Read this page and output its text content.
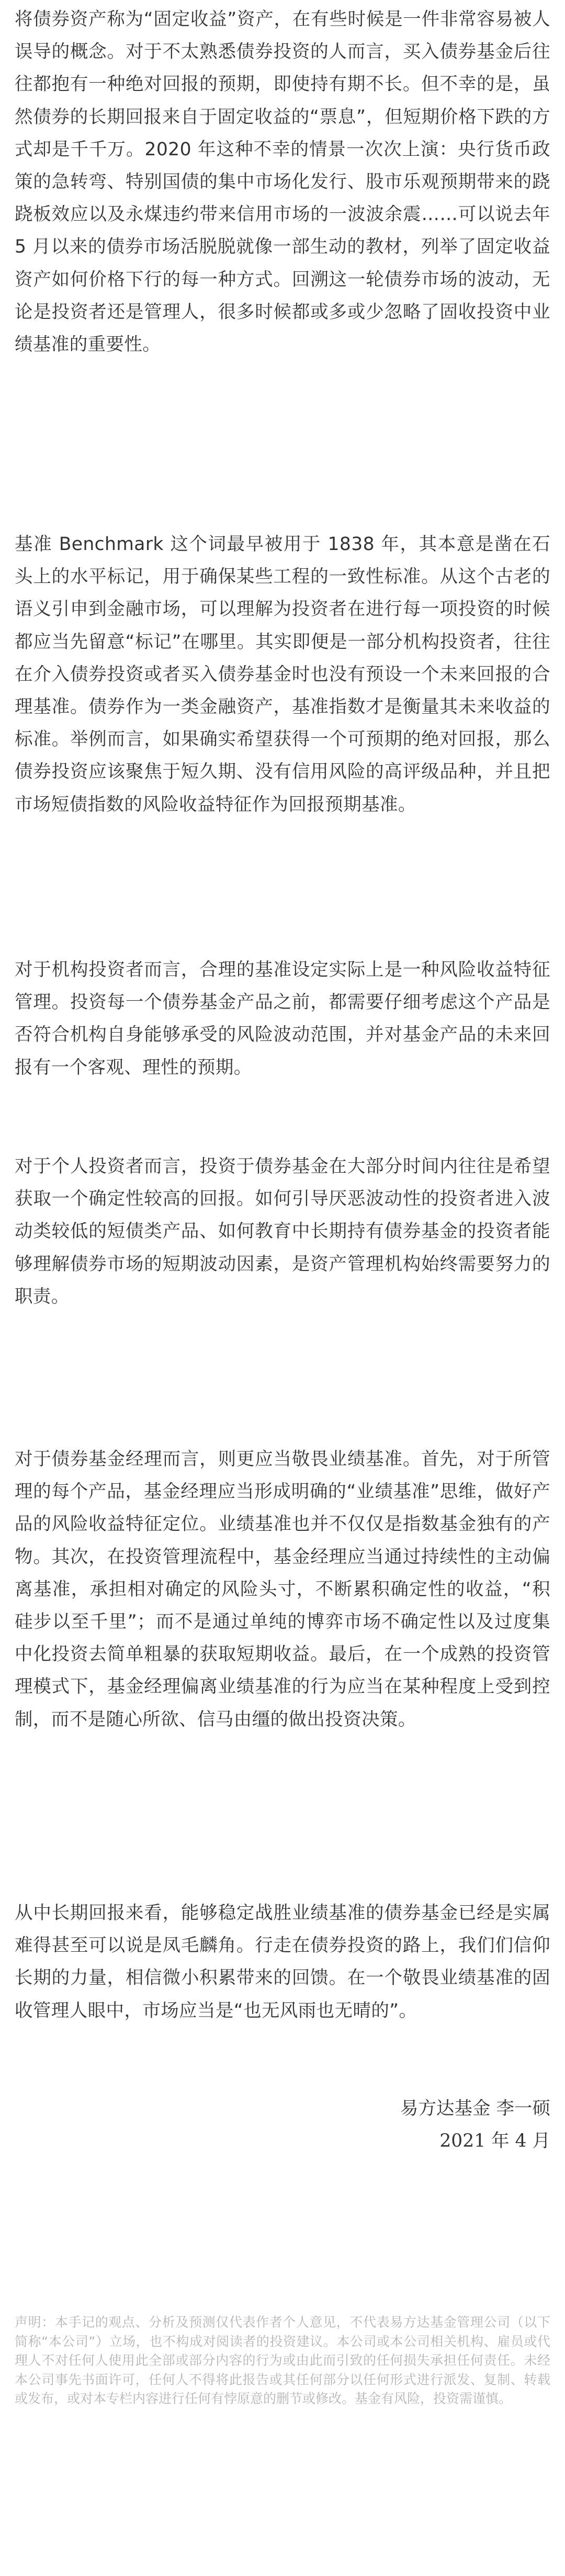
将债券资产称为“固定收益”资产，在有些时候是一件非常容易被人误导的概念。对于不太熟悉债券投资的人而言，买入债券基金后往往都抱有一种绝对回报的预期，即使持有期不长。但不幸的是，虽然债券的长期回报来自于固定收益的“票息”，但短期价格下跌的方式却是千千万。2020 年这种不幸的情景一次次上演：央行货币政策的急转弯、特别国债的集中市场化发行、股市乐观预期带来的跷跷板效应以及永煤违约带来信用市场的一波波余震……可以说去年 5 月以来的债券市场活脱脱就像一部生动的教材，列举了固定收益资产如何价格下行的每一种方式。回溯这一轮债券市场的波动，无论是投资者还是管理人，很多时候都或多或少忽略了固收投资中业绩基准的重要性。

基准 Benchmark 这个词最早被用于 1838 年，其本意是凿在石头上的水平标记，用于确保某些工程的一致性标准。从这个古老的语义引申到金融市场，可以理解为投资者在进行每一项投资的时候都应当先留意“标记”在哪里。其实即便是一部分机构投资者，往往在介入债券投资或者买入债券基金时也没有预设一个未来回报的合理基准。债券作为一类金融资产，基准指数才是衡量其未来收益的标准。举例而言，如果确实希望获得一个可预期的绝对回报，那么债券投资应该聚焦于短久期、没有信用风险的高评级品种，并且把市场短债指数的风险收益特征作为回报预期基准。

对于机构投资者而言，合理的基准设定实际上是一种风险收益特征管理。投资每一个债券基金产品之前，都需要仔细考虑这个产品是否符合机构自身能够承受的风险波动范围，并对基金产品的未来回报有一个客观、理性的预期。

对于个人投资者而言，投资于债券基金在大部分时间内往往是希望获取一个确定性较高的回报。如何引导厌恶波动性的投资者进入波动类较低的短债类产品、如何教育中长期持有债券基金的投资者能够理解债券市场的短期波动因素，是资产管理机构始终需要努力的职责。

对于债券基金经理而言，则更应当敬畏业绩基准。首先，对于所管理的每个产品，基金经理应当形成明确的“业绩基准”思维，做好产品的风险收益特征定位。业绩基准也并不仅仅是指数基金独有的产物。其次，在投资管理流程中，基金经理应当通过持续性的主动偏离基准，承担相对确定的风险头寸，不断累积确定性的收益，“积硅步以至千里”；而不是通过单纯的博弈市场不确定性以及过度集中化投资去简单粗暴的获取短期收益。最后，在一个成熟的投资管理模式下，基金经理偏离业绩基准的行为应当在某种程度上受到控制，而不是随心所欲、信马由缰的做出投资决策。

从中长期回报来看，能够稳定战胜业绩基准的债券基金已经是实属难得甚至可以说是凤毛麟角。行走在债券投资的路上，我们们信仰长期的力量，相信微小积累带来的回馈。在一个敬畏业绩基准的固收管理人眼中，市场应当是“也无风雨也无晴的”。

易方达基金 李一硕
2021 年 4 月

声明：本手记的观点、分析及预测仅代表作者个人意见，不代表易方达基金管理公司（以下简称“本公司”）立场，也不构成对阅读者的投资建议。本公司或本公司相关机构、雇员或代理人不对任何人使用此全部或部分内容的行为或由此而引致的任何损失承担任何责任。未经本公司事先书面许可，任何人不得将此报告或其任何部分以任何形式进行派发、复制、转载或发布，或对本专栏内容进行任何有悖原意的删节或修改。基金有风险，投资需谨慎。
